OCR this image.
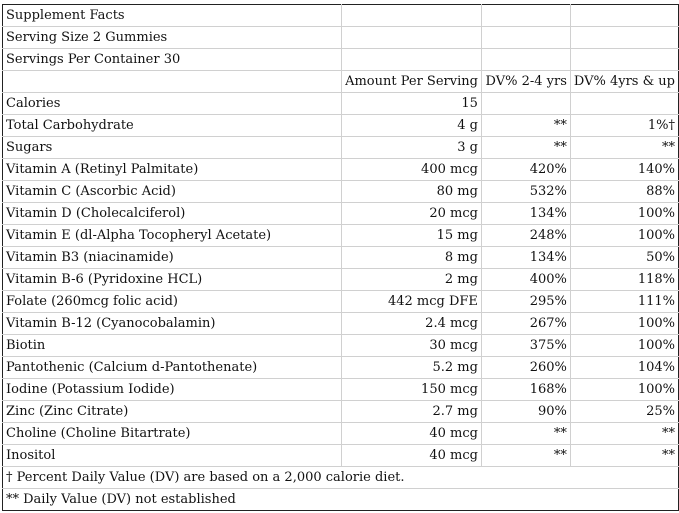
Supplement Facts			
Serving Size 2 Gummies			
Servings Per Container 30			
	Amount Per Serving	DV% 2-4 yrs	DV% 4yrs & up
Calories	15		
Total Carbohydrate	4 g	**	1%†
Sugars	3 g	**	**
Vitamin A (Retinyl Palmitate)	400 mcg	420%	140%
Vitamin C (Ascorbic Acid)	80 mg	532%	88%
Vitamin D (Cholecalciferol)	20 mcg	134%	100%
Vitamin E (dl-Alpha Tocopheryl Acetate)	15 mg	248%	100%
Vitamin B3 (niacinamide)	8 mg	134%	50%
Vitamin B-6 (Pyridoxine HCL)	2 mg	400%	118%
Folate (260mcg folic acid)	442 mcg DFE	295%	111%
Vitamin B-12 (Cyanocobalamin)	2.4 mcg	267%	100%
Biotin	30 mcg	375%	100%
Pantothenic (Calcium d-Pantothenate)	5.2 mg	260%	104%
Iodine (Potassium Iodide)	150 mcg	168%	100%
Zinc (Zinc Citrate)	2.7 mg	90%	25%
Choline (Choline Bitartrate)	40 mcg	**	**
Inositol	40 mcg	**	**
† Percent Daily Value (DV) are based on a 2,000 calorie diet.			
** Daily Value (DV) not established			
